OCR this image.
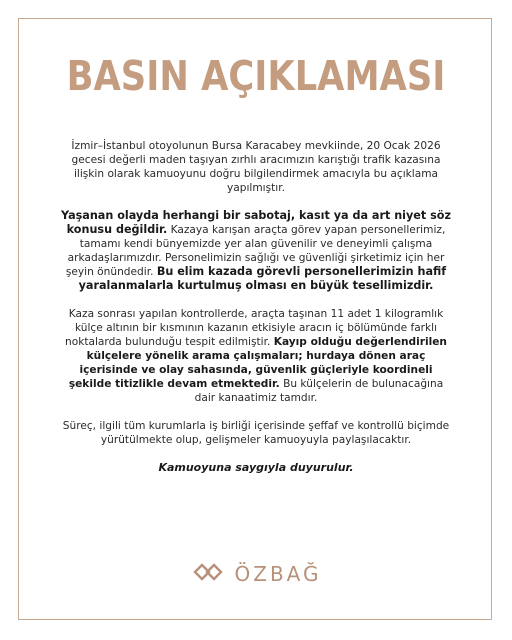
BASIN AÇIKLAMASI

İzmir–İstanbul otoyolunun Bursa Karacabey mevkiinde, 20 Ocak 2026 gecesi değerli maden taşıyan zırhlı aracımızın karıştığı trafik kazasına ilişkin olarak kamuoyunu doğru bilgilendirmek amacıyla bu açıklama yapılmıştır.

Yaşanan olayda herhangi bir sabotaj, kasıt ya da art niyet söz konusu değildir. Kazaya karışan araçta görev yapan personellerimiz, tamamı kendi bünyemizde yer alan güvenilir ve deneyimli çalışma arkadaşlarımızdır. Personelimizin sağlığı ve güvenliği şirketimiz için her şeyin önündedir. Bu elim kazada görevli personellerimizin hafif yaralanmalarla kurtulmuş olması en büyük tesellimizdir.

Kaza sonrası yapılan kontrollerde, araçta taşınan 11 adet 1 kilogramlık külçe altının bir kısmının kazanın etkisiyle aracın iç bölümünde farklı noktalarda bulunduğu tespit edilmiştir. Kayıp olduğu değerlendirilen külçelere yönelik arama çalışmaları; hurdaya dönen araç içerisinde ve olay sahasında, güvenlik güçleriyle koordineli şekilde titizlikle devam etmektedir. Bu külçelerin de bulunacağına dair kanaatimiz tamdır.

Süreç, ilgili tüm kurumlarla iş birliği içerisinde şeffaf ve kontrollü biçimde yürütülmekte olup, gelişmeler kamuoyuyla paylaşılacaktır.

Kamuoyuna saygıyla duyurulur.

ÖZBAĞ
